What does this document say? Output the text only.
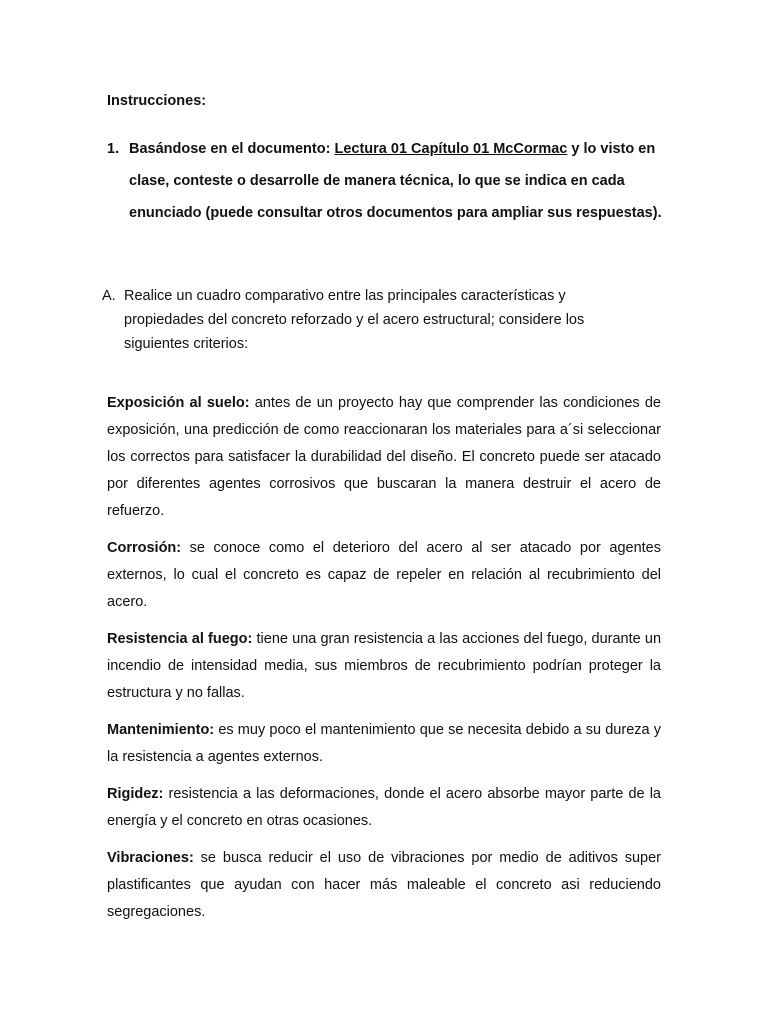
Instrucciones:
1. Basándose en el documento: Lectura 01 Capítulo 01 McCormac y lo visto en clase, conteste o desarrolle de manera técnica, lo que se indica en cada enunciado (puede consultar otros documentos para ampliar sus respuestas).
A. Realice un cuadro comparativo entre las principales características y propiedades del concreto reforzado y el acero estructural; considere los siguientes criterios:

Exposición al suelo: antes de un proyecto hay que comprender las condiciones de exposición, una predicción de como reaccionaran los materiales para a´si seleccionar los correctos para satisfacer la durabilidad del diseño. El concreto puede ser atacado por diferentes agentes corrosivos que buscaran la manera destruir el acero de refuerzo.

Corrosión: se conoce como el deterioro del acero al ser atacado por agentes externos, lo cual el concreto es capaz de repeler en relación al recubrimiento del acero.

Resistencia al fuego: tiene una gran resistencia a las acciones del fuego, durante un incendio de intensidad media, sus miembros de recubrimiento podrían proteger la estructura y no fallas.

Mantenimiento: es muy poco el mantenimiento que se necesita debido a su dureza y la resistencia a agentes externos.

Rigidez: resistencia a las deformaciones, donde el acero absorbe mayor parte de la energía y el concreto en otras ocasiones.

Vibraciones: se busca reducir el uso de vibraciones por medio de aditivos super plastificantes que ayudan con hacer más maleable el concreto asi reduciendo segregaciones.
